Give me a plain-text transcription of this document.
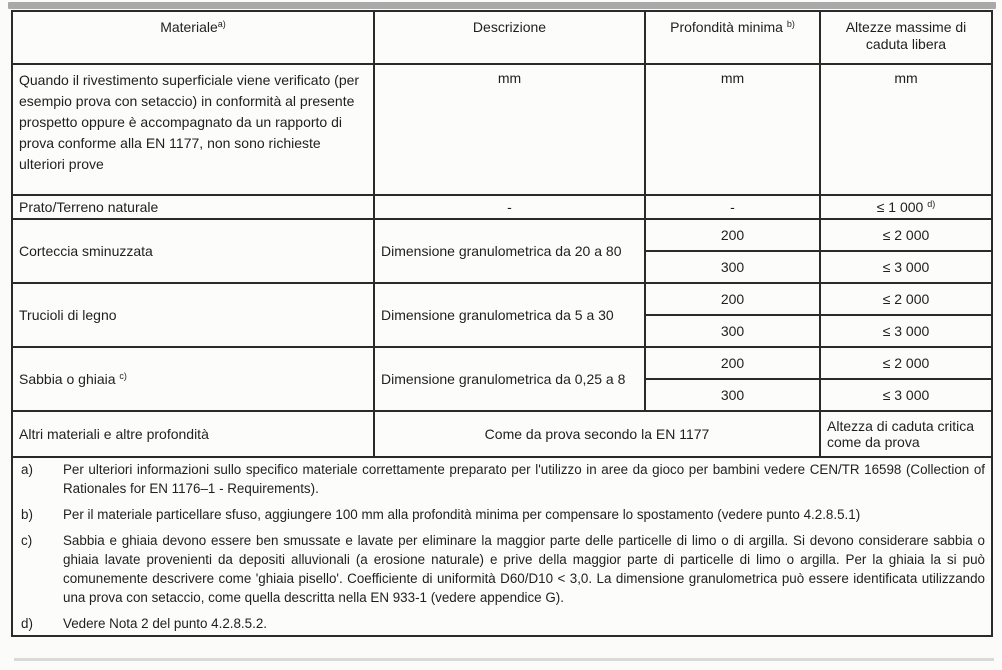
Materiale$^{a)}$	Descrizione	Profondità minima $^{b)}$	Altezze massime di caduta libera
Quando il rivestimento superficiale viene verificato (per esempio prova con setaccio) in conformità al presente prospetto oppure è accompagnato da un rapporto di prova conforme alla EN 1177, non sono richieste ulteriori prove	mm	mm	mm
Prato/Terreno naturale	-	-	≤ 1 000 $^{d)}$
Corteccia sminuzzata	Dimensione granulometrica da 20 a 80	200	≤ 2 000
		300	≤ 3 000
Trucioli di legno	Dimensione granulometrica da 5 a 30	200	≤ 2 000
		300	≤ 3 000
Sabbia o ghiaia $^{c)}$	Dimensione granulometrica da 0,25 a 8	200	≤ 2 000
		300	≤ 3 000
Altri materiali e altre profondità	Come da prova secondo la EN 1177		Altezza di caduta critica come da prova

a)	Per ulteriori informazioni sullo specifico materiale correttamente preparato per l'utilizzo in aree da gioco per bambini vedere CEN/TR 16598 (Collection of Rationales for EN 1176–1 - Requirements).
b)	Per il materiale particellare sfuso, aggiungere 100 mm alla profondità minima per compensare lo spostamento (vedere punto 4.2.8.5.1)
c)	Sabbia e ghiaia devono essere ben smussate e lavate per eliminare la maggior parte delle particelle di limo o di argilla. Si devono considerare sabbia o ghiaia lavate provenienti da depositi alluvionali (a erosione naturale) e prive della maggior parte di particelle di limo o argilla. Per la ghiaia la si può comunemente descrivere come 'ghiaia pisello'. Coefficiente di uniformità D60/D10 < 3,0. La dimensione granulometrica può essere identificata utilizzando una prova con setaccio, come quella descritta nella EN 933-1 (vedere appendice G).
d)	Vedere Nota 2 del punto 4.2.8.5.2.
